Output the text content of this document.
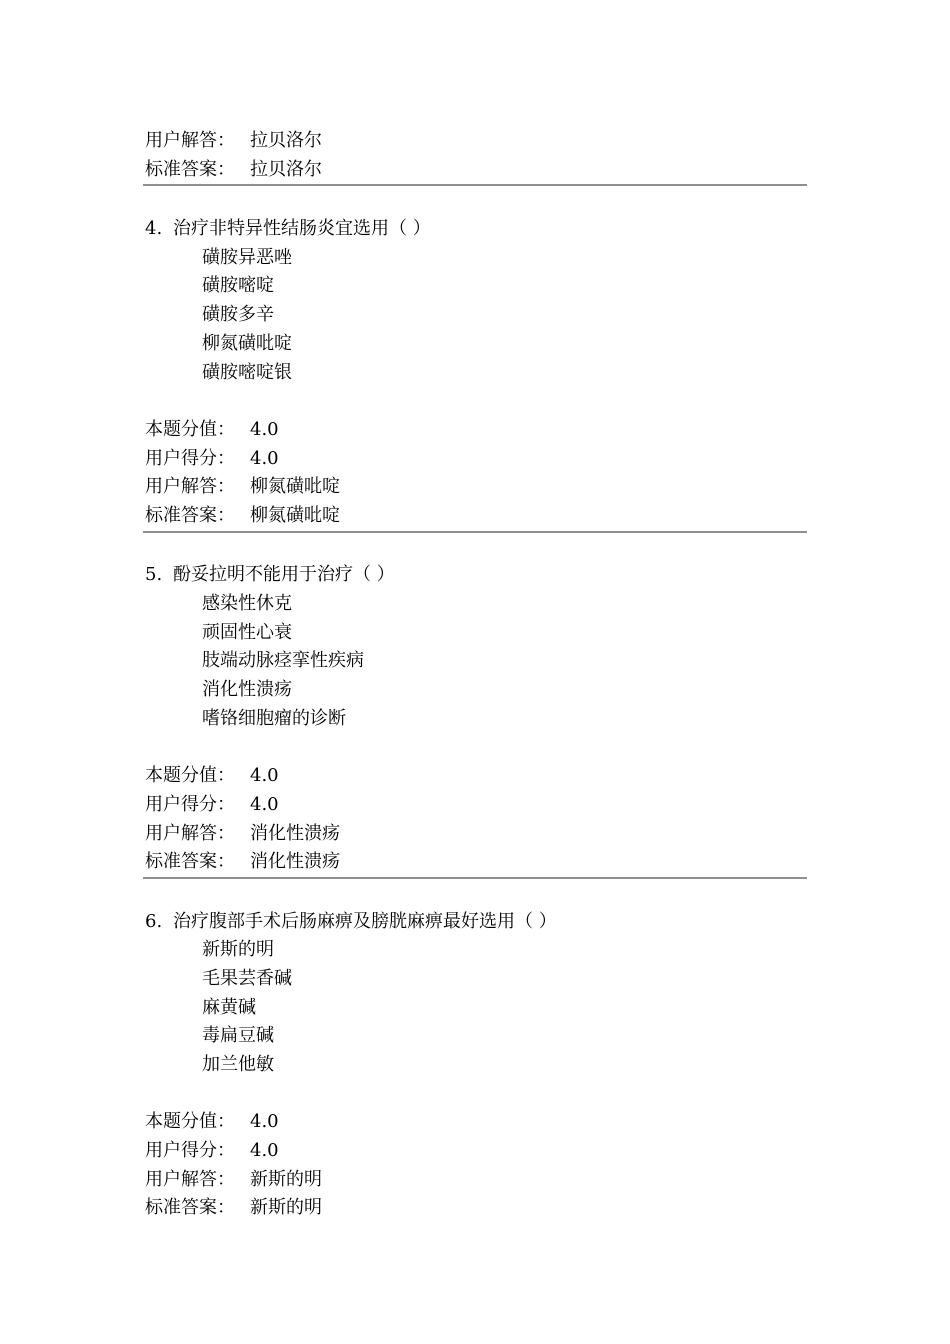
用户解答： 拉贝洛尔
标准答案： 拉贝洛尔
4. 治疗非特异性结肠炎宜选用（ ）
磺胺异恶唑
磺胺嘧啶
磺胺多辛
柳氮磺吡啶
磺胺嘧啶银
本题分值： 4.0
用户得分： 4.0
用户解答： 柳氮磺吡啶
标准答案： 柳氮磺吡啶
5. 酚妥拉明不能用于治疗（ ）
感染性休克
顽固性心衰
肢端动脉痉挛性疾病
消化性溃疡
嗜铬细胞瘤的诊断
本题分值： 4.0
用户得分： 4.0
用户解答： 消化性溃疡
标准答案： 消化性溃疡
6. 治疗腹部手术后肠麻痹及膀胱麻痹最好选用（ ）
新斯的明
毛果芸香碱
麻黄碱
毒扁豆碱
加兰他敏
本题分值： 4.0
用户得分： 4.0
用户解答： 新斯的明
标准答案： 新斯的明
